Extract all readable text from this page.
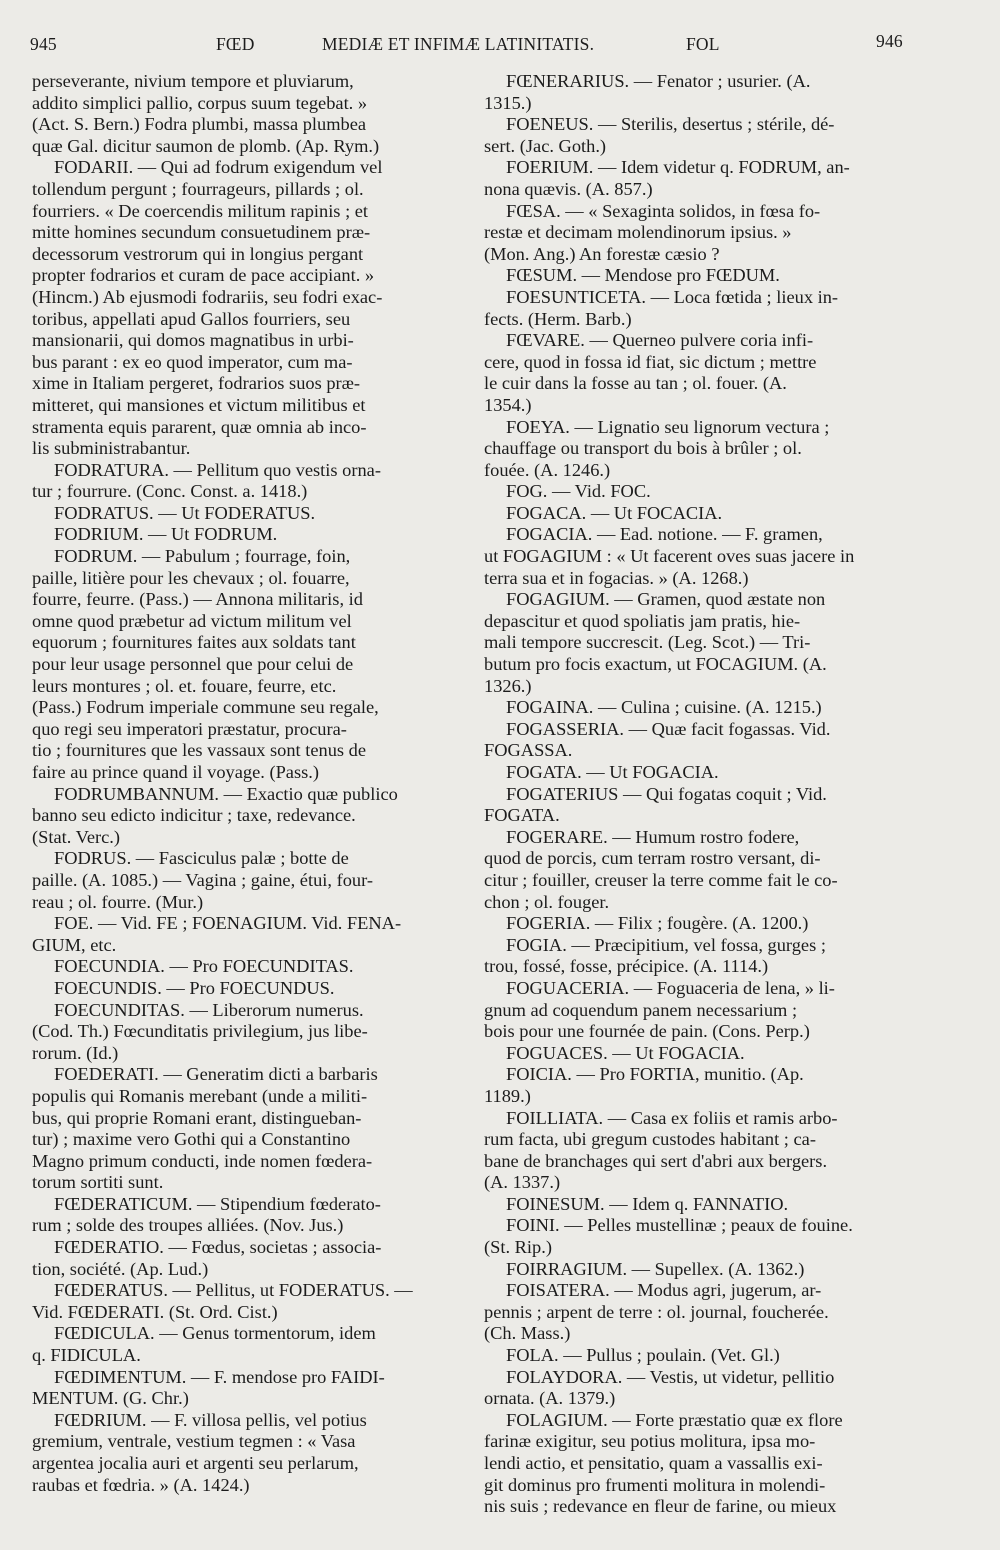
945	FŒD	MEDIÆ ET INFIMÆ LATINITATIS.	FOL	946
perseverante, nivium tempore et pluviarum,
addito simplici pallio, corpus suum tegebat. »
(Act. S. Bern.) Fodra plumbi, massa plumbea
quæ Gal. dicitur saumon de plomb. (Ap. Rym.)
FODARII. — Qui ad fodrum exigendum vel
tollendum pergunt ; fourrageurs, pillards ; ol.
fourriers. « De coercendis militum rapinis ; et
mitte homines secundum consuetudinem præ-
decessorum vestrorum qui in longius pergant
propter fodrarios et curam de pace accipiant. »
(Hincm.) Ab ejusmodi fodrariis, seu fodri exac-
toribus, appellati apud Gallos fourriers, seu
mansionarii, qui domos magnatibus in urbi-
bus parant : ex eo quod imperator, cum ma-
xime in Italiam pergeret, fodrarios suos præ-
mitteret, qui mansiones et victum militibus et
stramenta equis pararent, quæ omnia ab inco-
lis subministrabantur.
FODRATURA. — Pellitum quo vestis orna-
tur ; fourrure. (Conc. Const. a. 1418.)
FODRATUS. — Ut FODERATUS.
FODRIUM. — Ut FODRUM.
FODRUM. — Pabulum ; fourrage, foin,
paille, litière pour les chevaux ; ol. fouarre,
fourre, feurre. (Pass.) — Annona militaris, id
omne quod præbetur ad victum militum vel
equorum ; fournitures faites aux soldats tant
pour leur usage personnel que pour celui de
leurs montures ; ol. et. fouare, feurre, etc.
(Pass.) Fodrum imperiale commune seu regale,
quo regi seu imperatori præstatur, procura-
tio ; fournitures que les vassaux sont tenus de
faire au prince quand il voyage. (Pass.)
FODRUMBANNUM. — Exactio quæ publico
banno seu edicto indicitur ; taxe, redevance.
(Stat. Verc.)
FODRUS. — Fasciculus palæ ; botte de
paille. (A. 1085.) — Vagina ; gaine, étui, four-
reau ; ol. fourre. (Mur.)
FOE. — Vid. FE ; FOENAGIUM. Vid. FENA-
GIUM, etc.
FOECUNDIA. — Pro FOECUNDITAS.
FOECUNDIS. — Pro FOECUNDUS.
FOECUNDITAS. — Liberorum numerus.
(Cod. Th.) Fœcunditatis privilegium, jus libe-
rorum. (Id.)
FOEDERATI. — Generatim dicti a barbaris
populis qui Romanis merebant (unde a militi-
bus, qui proprie Romani erant, distingueban-
tur) ; maxime vero Gothi qui a Constantino
Magno primum conducti, inde nomen fœdera-
torum sortiti sunt.
FŒDERATICUM. — Stipendium fœderato-
rum ; solde des troupes alliées. (Nov. Jus.)
FŒDERATIO. — Fœdus, societas ; associa-
tion, société. (Ap. Lud.)
FŒDERATUS. — Pellitus, ut FODERATUS. —
Vid. FŒDERATI. (St. Ord. Cist.)
FŒDICULA. — Genus tormentorum, idem
q. FIDICULA.
FŒDIMENTUM. — F. mendose pro FAIDI-
MENTUM. (G. Chr.)
FŒDRIUM. — F. villosa pellis, vel potius
gremium, ventrale, vestium tegmen : « Vasa
argentea jocalia auri et argenti seu perlarum,
raubas et fœdria. » (A. 1424.)
FŒNERARIUS. — Fenator ; usurier. (A.
1315.)
FOENEUS. — Sterilis, desertus ; stérile, dé-
sert. (Jac. Goth.)
FOERIUM. — Idem videtur q. FODRUM, an-
nona quævis. (A. 857.)
FŒSA. — « Sexaginta solidos, in fœsa fo-
restæ et decimam molendinorum ipsius. »
(Mon. Ang.) An forestæ cæsio ?
FŒSUM. — Mendose pro FŒDUM.
FOESUNTICETA. — Loca fœtida ; lieux in-
fects. (Herm. Barb.)
FŒVARE. — Querneo pulvere coria infi-
cere, quod in fossa id fiat, sic dictum ; mettre
le cuir dans la fosse au tan ; ol. fouer. (A.
1354.)
FOEYA. — Lignatio seu lignorum vectura ;
chauffage ou transport du bois à brûler ; ol.
fouée. (A. 1246.)
FOG. — Vid. FOC.
FOGACA. — Ut FOCACIA.
FOGACIA. — Ead. notione. — F. gramen,
ut FOGAGIUM : « Ut facerent oves suas jacere in
terra sua et in fogacias. » (A. 1268.)
FOGAGIUM. — Gramen, quod æstate non
depascitur et quod spoliatis jam pratis, hie-
mali tempore succrescit. (Leg. Scot.) — Tri-
butum pro focis exactum, ut FOCAGIUM. (A.
1326.)
FOGAINA. — Culina ; cuisine. (A. 1215.)
FOGASSERIA. — Quæ facit fogassas. Vid.
FOGASSA.
FOGATA. — Ut FOGACIA.
FOGATERIUS — Qui fogatas coquit ; Vid.
FOGATA.
FOGERARE. — Humum rostro fodere,
quod de porcis, cum terram rostro versant, di-
citur ; fouiller, creuser la terre comme fait le co-
chon ; ol. fouger.
FOGERIA. — Filix ; fougère. (A. 1200.)
FOGIA. — Præcipitium, vel fossa, gurges ;
trou, fossé, fosse, précipice. (A. 1114.)
FOGUACERIA. — Foguaceria de lena, » li-
gnum ad coquendum panem necessarium ;
bois pour une fournée de pain. (Cons. Perp.)
FOGUACES. — Ut FOGACIA.
FOICIA. — Pro FORTIA, munitio. (Ap.
1189.)
FOILLIATA. — Casa ex foliis et ramis arbo-
rum facta, ubi gregum custodes habitant ; ca-
bane de branchages qui sert d'abri aux bergers.
(A. 1337.)
FOINESUM. — Idem q. FANNATIO.
FOINI. — Pelles mustellinæ ; peaux de fouine.
(St. Rip.)
FOIRRAGIUM. — Supellex. (A. 1362.)
FOISATERA. — Modus agri, jugerum, ar-
pennis ; arpent de terre : ol. journal, foucherée.
(Ch. Mass.)
FOLA. — Pullus ; poulain. (Vet. Gl.)
FOLAYDORA. — Vestis, ut videtur, pellitio
ornata. (A. 1379.)
FOLAGIUM. — Forte præstatio quæ ex flore
farinæ exigitur, seu potius molitura, ipsa mo-
lendi actio, et pensitatio, quam a vassallis exi-
git dominus pro frumenti molitura in molendi-
nis suis ; redevance en fleur de farine, ou mieux
